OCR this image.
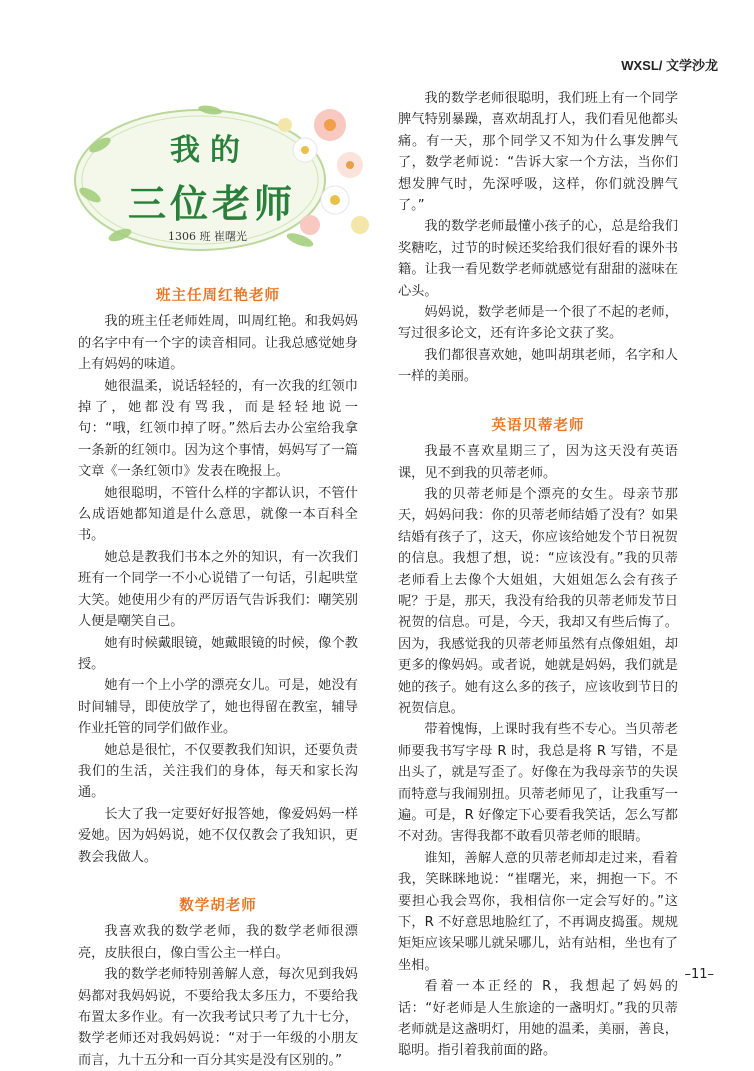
WXSL/ 文学沙龙
我的
三位老师
1306 班 崔曙光
班主任周红艳老师

我的班主任老师姓周，叫周红艳。和我妈妈的名字中有一个字的读音相同。让我总感觉她身上有妈妈的味道。

她很温柔，说话轻轻的，有一次我的红领巾掉了，她都没有骂我，而是轻轻地说一句：“哦，红领巾掉了呀。”然后去办公室给我拿一条新的红领巾。因为这个事情，妈妈写了一篇文章《一条红领巾》发表在晚报上。

她很聪明，不管什么样的字都认识，不管什么成语她都知道是什么意思，就像一本百科全书。

她总是教我们书本之外的知识，有一次我们班有一个同学一不小心说错了一句话，引起哄堂大笑。她使用少有的严厉语气告诉我们：嘲笑别人便是嘲笑自己。

她有时候戴眼镜，她戴眼镜的时候，像个教授。

她有一个上小学的漂亮女儿。可是，她没有时间辅导，即使放学了，她也得留在教室，辅导作业托管的同学们做作业。

她总是很忙，不仅要教我们知识，还要负责我们的生活，关注我们的身体，每天和家长沟通。

长大了我一定要好好报答她，像爱妈妈一样爱她。因为妈妈说，她不仅仅教会了我知识，更教会我做人。

数学胡老师

我喜欢我的数学老师，我的数学老师很漂亮，皮肤很白，像白雪公主一样白。

我的数学老师特别善解人意，每次见到我妈妈都对我妈妈说，不要给我太多压力，不要给我布置太多作业。有一次我考试只考了九十七分，数学老师还对我妈妈说：“对于一年级的小朋友而言，九十五分和一百分其实是没有区别的。”

我的数学老师很聪明，我们班上有一个同学脾气特别暴躁，喜欢胡乱打人，我们看见他都头痛。有一天，那个同学又不知为什么事发脾气了，数学老师说：“告诉大家一个方法，当你们想发脾气时，先深呼吸，这样，你们就没脾气了。”

我的数学老师最懂小孩子的心，总是给我们奖糖吃，过节的时候还奖给我们很好看的课外书籍。让我一看见数学老师就感觉有甜甜的滋味在心头。

妈妈说，数学老师是一个很了不起的老师，写过很多论文，还有许多论文获了奖。

我们都很喜欢她，她叫胡琪老师，名字和人一样的美丽。

英语贝蒂老师

我最不喜欢星期三了，因为这天没有英语课，见不到我的贝蒂老师。

我的贝蒂老师是个漂亮的女生。母亲节那天，妈妈问我：你的贝蒂老师结婚了没有？如果结婚有孩子了，这天，你应该给她发个节日祝贺的信息。我想了想，说：“应该没有。”我的贝蒂老师看上去像个大姐姐，大姐姐怎么会有孩子呢？于是，那天，我没有给我的贝蒂老师发节日祝贺的信息。可是，今天，我却又有些后悔了。因为，我感觉我的贝蒂老师虽然有点像姐姐，却更多的像妈妈。或者说，她就是妈妈，我们就是她的孩子。她有这么多的孩子，应该收到节日的祝贺信息。

带着愧悔，上课时我有些不专心。当贝蒂老师要我书写字母 R 时，我总是将 R 写错，不是出头了，就是写歪了。好像在为我母亲节的失误而特意与我闹别扭。贝蒂老师见了，让我重写一遍。可是，R 好像定下心要看我笑话，怎么写都不对劲。害得我都不敢看贝蒂老师的眼睛。

谁知，善解人意的贝蒂老师却走过来，看着我，笑眯眯地说：“崔曙光，来，拥抱一下。不要担心我会骂你，我相信你一定会写好的。”这下，R 不好意思地脸红了，不再调皮捣蛋。规规矩矩应该呆哪儿就呆哪儿，站有站相，坐也有了坐相。

看着一本正经的 R，我想起了妈妈的话：“好老师是人生旅途的一盏明灯。”我的贝蒂老师就是这盏明灯，用她的温柔，美丽，善良，聪明。指引着我前面的路。

–11–
